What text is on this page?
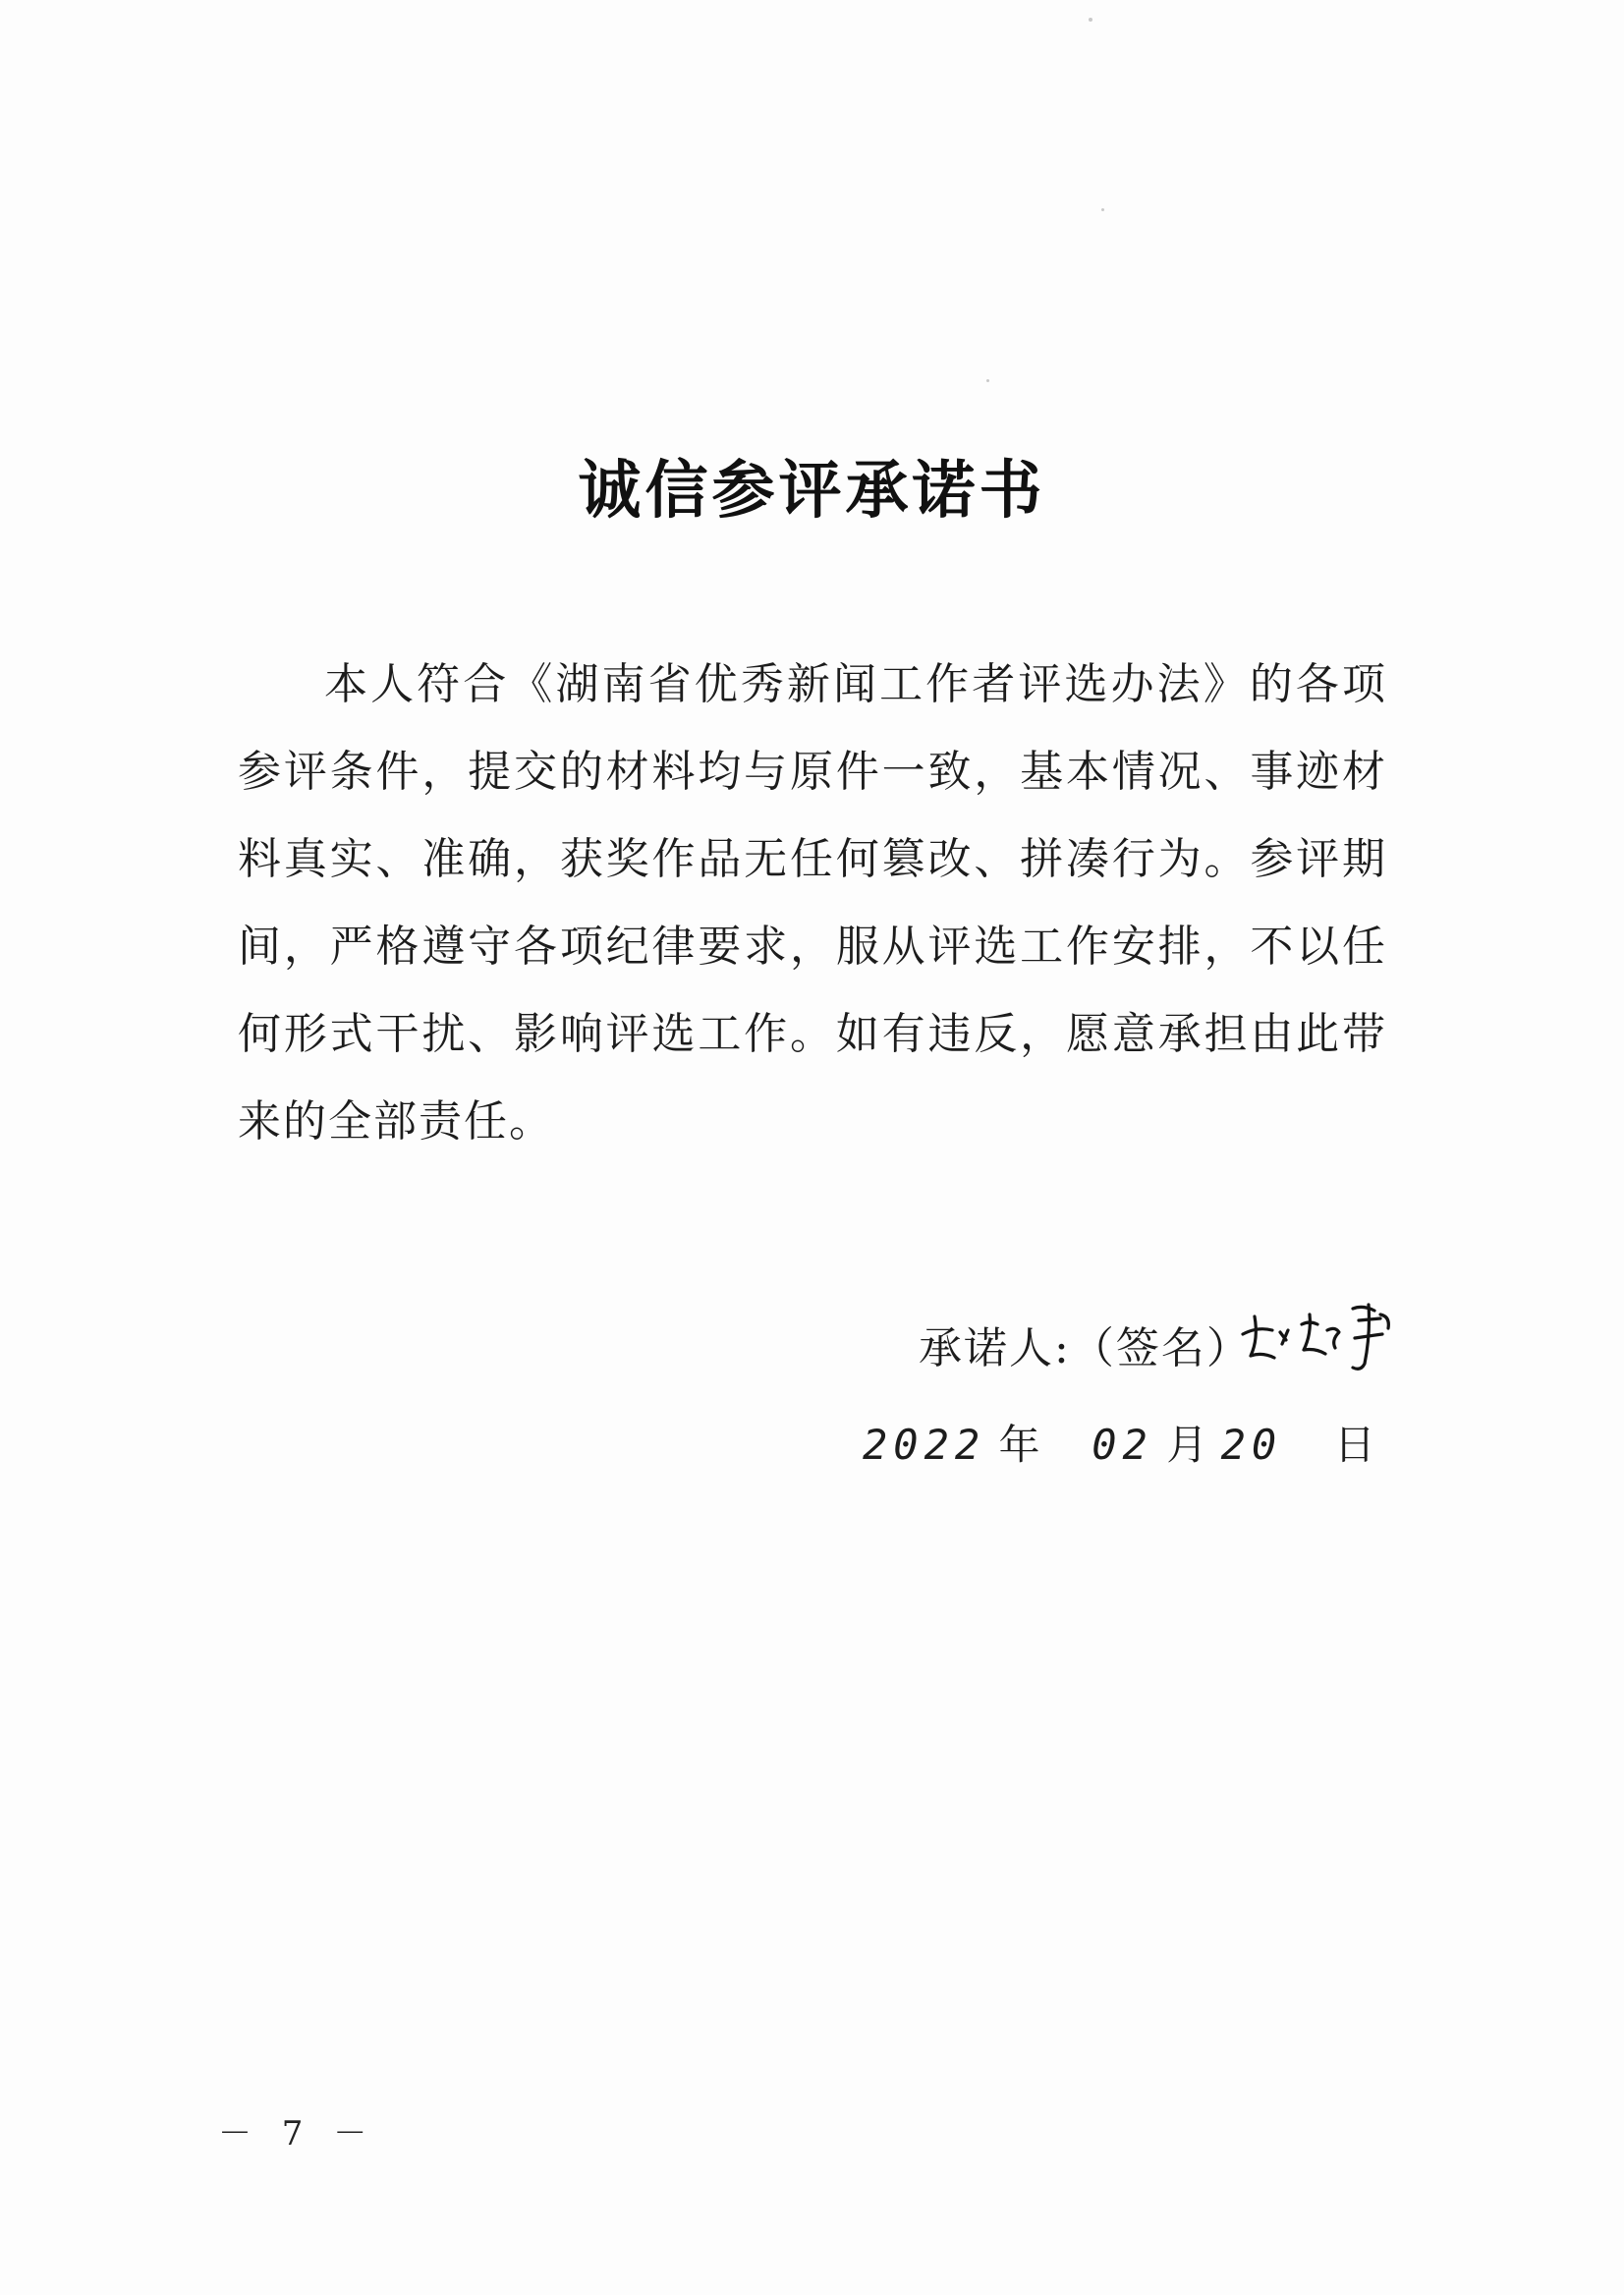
诚信参评承诺书
本人符合《湖南省优秀新闻工作者评选办法》的各项参评条件，提交的材料均与原件一致，基本情况、事迹材料真实、准确，获奖作品无任何篡改、拼凑行为。参评期间，严格遵守各项纪律要求，服从评选工作安排，不以任何形式干扰、影响评选工作。如有违反，愿意承担由此带来的全部责任。
承诺人:（签名）
2022 年 02 月 20 日
－ 7 －
